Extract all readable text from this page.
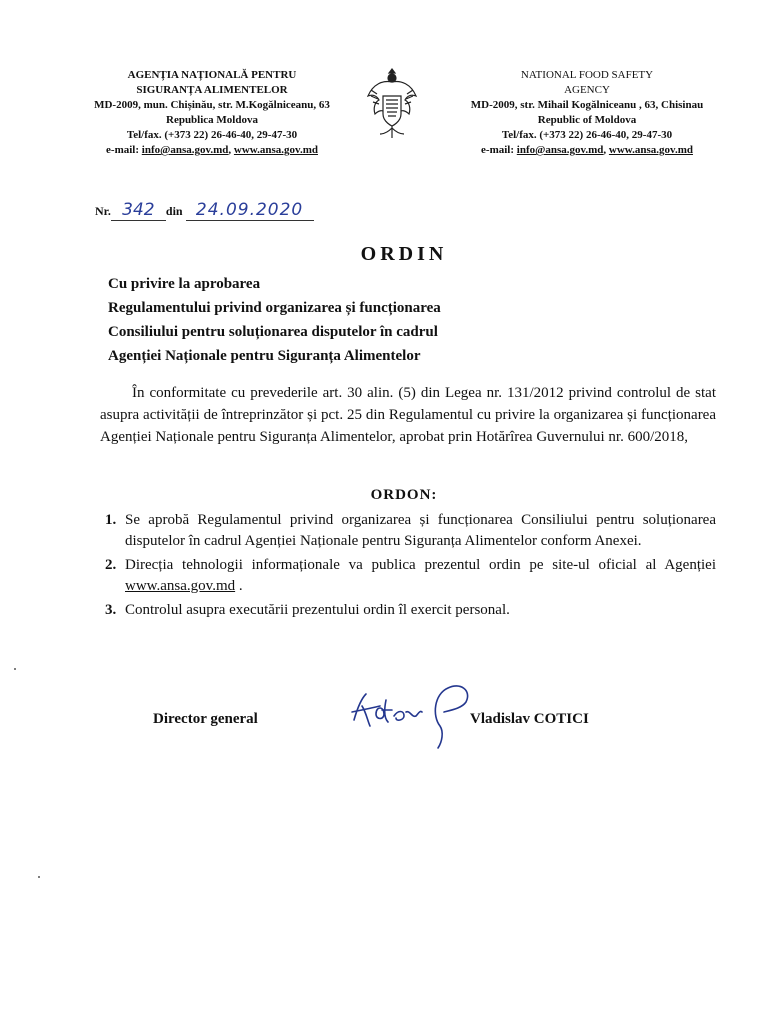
AGENȚIA NAȚIONALĂ PENTRU
SIGURANȚA ALIMENTELOR
MD-2009, mun. Chișinău, str. M.Kogălniceanu, 63
Republica Moldova
Tel/fax. (+373 22) 26-46-40, 29-47-30
e-mail: info@ansa.gov.md, www.ansa.gov.md
NATIONAL FOOD SAFETY
AGENCY
MD-2009, str. Mihail Kogălniceanu , 63, Chisinau
Republic of Moldova
Tel/fax. (+373 22) 26-46-40, 29-47-30
e-mail: info@ansa.gov.md, www.ansa.gov.md
Nr. 342 din 24.09.2020
ORDIN
Cu privire la aprobarea
Regulamentului privind organizarea și funcționarea
Consiliului pentru soluționarea disputelor în cadrul
Agenției Naționale pentru Siguranța Alimentelor
În conformitate cu prevederile art. 30 alin. (5) din Legea nr. 131/2012 privind controlul de stat asupra activității de întreprinzător și pct. 25 din Regulamentul cu privire la organizarea și funcționarea Agenției Naționale pentru Siguranța Alimentelor, aprobat prin Hotărîrea Guvernului nr. 600/2018,
ORDON:
1. Se aprobă Regulamentul privind organizarea și funcționarea Consiliului pentru soluționarea disputelor în cadrul Agenției Naționale pentru Siguranța Alimentelor conform Anexei.
2. Direcția tehnologii informaționale va publica prezentul ordin pe site-ul oficial al Agenției www.ansa.gov.md .
3. Controlul asupra executării prezentului ordin îl exercit personal.
Director general	Vladislav COTICI
